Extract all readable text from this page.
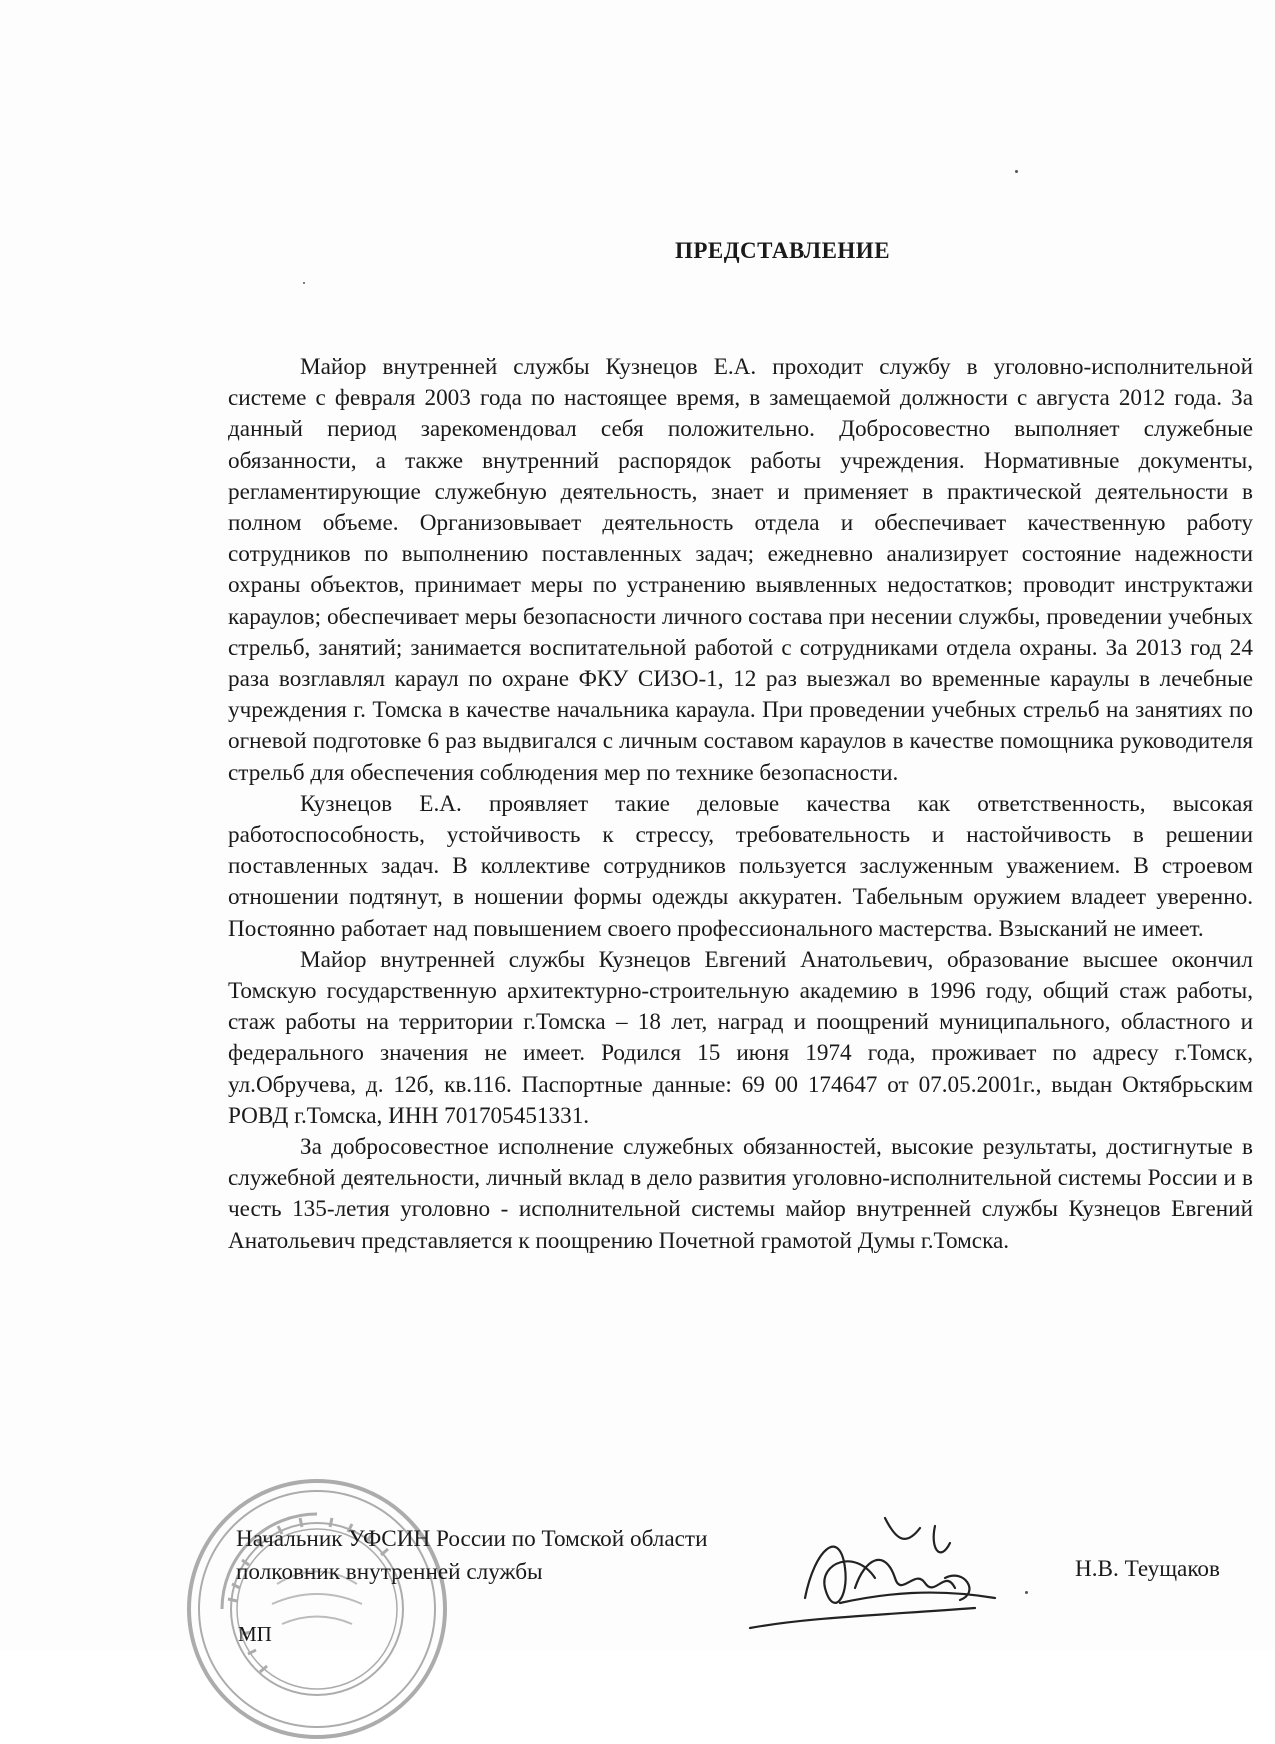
ПРЕДСТАВЛЕНИЕ

Майор внутренней службы Кузнецов Е.А. проходит службу в уголовно-исполнительной системе с февраля 2003 года по настоящее время, в замещаемой должности с августа 2012 года. За данный период зарекомендовал себя положительно. Добросовестно выполняет служебные обязанности, а также внутренний распорядок работы учреждения. Нормативные документы, регламентирующие служебную деятельность, знает и применяет в практической деятельности в полном объеме. Организовывает деятельность отдела и обеспечивает качественную работу сотрудников по выполнению поставленных задач; ежедневно анализирует состояние надежности охраны объектов, принимает меры по устранению выявленных недостатков; проводит инструктажи караулов; обеспечивает меры безопасности личного состава при несении службы, проведении учебных стрельб, занятий; занимается воспитательной работой с сотрудниками отдела охраны. За 2013 год 24 раза возглавлял караул по охране ФКУ СИЗО-1, 12 раз выезжал во временные караулы в лечебные учреждения г. Томска в качестве начальника караула. При проведении учебных стрельб на занятиях по огневой подготовке 6 раз выдвигался с личным составом караулов в качестве помощника руководителя стрельб для обеспечения соблюдения мер по технике безопасности.

Кузнецов Е.А. проявляет такие деловые качества как ответственность, высокая работоспособность, устойчивость к стрессу, требовательность и настойчивость в решении поставленных задач. В коллективе сотрудников пользуется заслуженным уважением. В строевом отношении подтянут, в ношении формы одежды аккуратен. Табельным оружием владеет уверенно. Постоянно работает над повышением своего профессионального мастерства. Взысканий не имеет.

Майор внутренней службы Кузнецов Евгений Анатольевич, образование высшее окончил Томскую государственную архитектурно-строительную академию в 1996 году, общий стаж работы, стаж работы на территории г.Томска – 18 лет, наград и поощрений муниципального, областного и федерального значения не имеет. Родился 15 июня 1974 года, проживает по адресу г.Томск, ул.Обручева, д. 12б, кв.116. Паспортные данные: 69 00 174647 от 07.05.2001г., выдан Октябрьским РОВД г.Томска, ИНН 701705451331.

За добросовестное исполнение служебных обязанностей, высокие результаты, достигнутые в служебной деятельности, личный вклад в дело развития уголовно-исполнительной системы России и в честь 135-летия уголовно - исполнительной системы майор внутренней службы Кузнецов Евгений Анатольевич представляется к поощрению Почетной грамотой Думы г.Томска.

Начальник УФСИН России по Томской области
полковник внутренней службы	Н.В. Теущаков
МП
